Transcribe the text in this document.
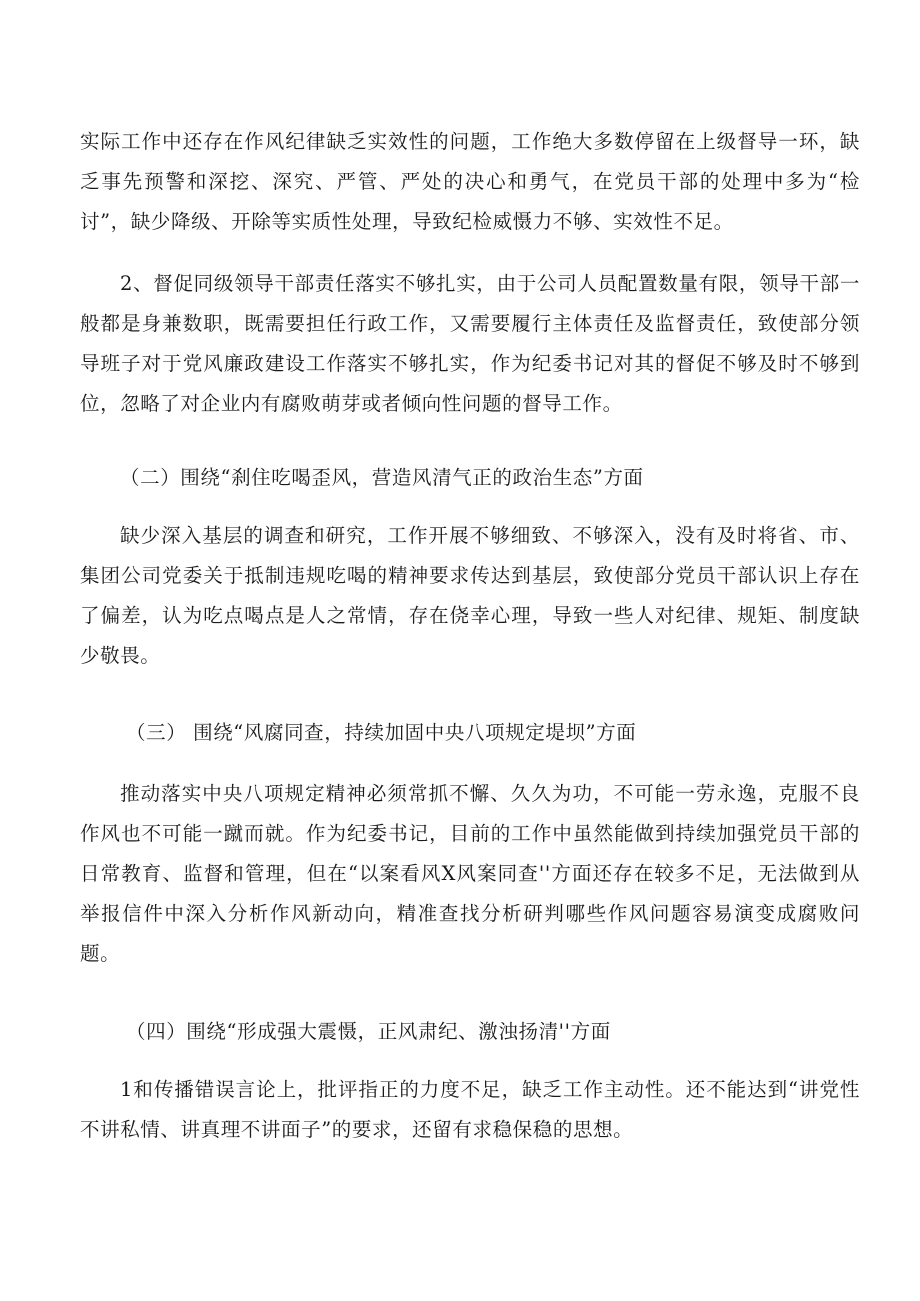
实际工作中还存在作风纪律缺乏实效性的问题，工作绝大多数停留在上级督导一环，缺乏事先预警和深挖、深究、严管、严处的决心和勇气，在党员干部的处理中多为“检讨”，缺少降级、开除等实质性处理，导致纪检威慑力不够、实效性不足。
2、督促同级领导干部责任落实不够扎实，由于公司人员配置数量有限，领导干部一般都是身兼数职，既需要担任行政工作，又需要履行主体责任及监督责任，致使部分领导班子对于党风廉政建设工作落实不够扎实，作为纪委书记对其的督促不够及时不够到位，忽略了对企业内有腐败萌芽或者倾向性问题的督导工作。
（二）围绕“刹住吃喝歪风，营造风清气正的政治生态”方面
缺少深入基层的调查和研究，工作开展不够细致、不够深入，没有及时将省、市、集团公司党委关于抵制违规吃喝的精神要求传达到基层，致使部分党员干部认识上存在了偏差，认为吃点喝点是人之常情，存在侥幸心理，导致一些人对纪律、规矩、制度缺少敬畏。
（三） 围绕“风腐同查，持续加固中央八项规定堤坝”方面
推动落实中央八项规定精神必须常抓不懈、久久为功，不可能一劳永逸，克服不良作风也不可能一蹴而就。作为纪委书记，目前的工作中虽然能做到持续加强党员干部的日常教育、监督和管理，但在“以案看风X风案同查''方面还存在较多不足，无法做到从举报信件中深入分析作风新动向，精准查找分析研判哪些作风问题容易演变成腐败问题。
（四）围绕“形成强大震慑，正风肃纪、激浊扬清''方面
1和传播错误言论上，批评指正的力度不足，缺乏工作主动性。还不能达到“讲党性不讲私情、讲真理不讲面子”的要求，还留有求稳保稳的思想。
